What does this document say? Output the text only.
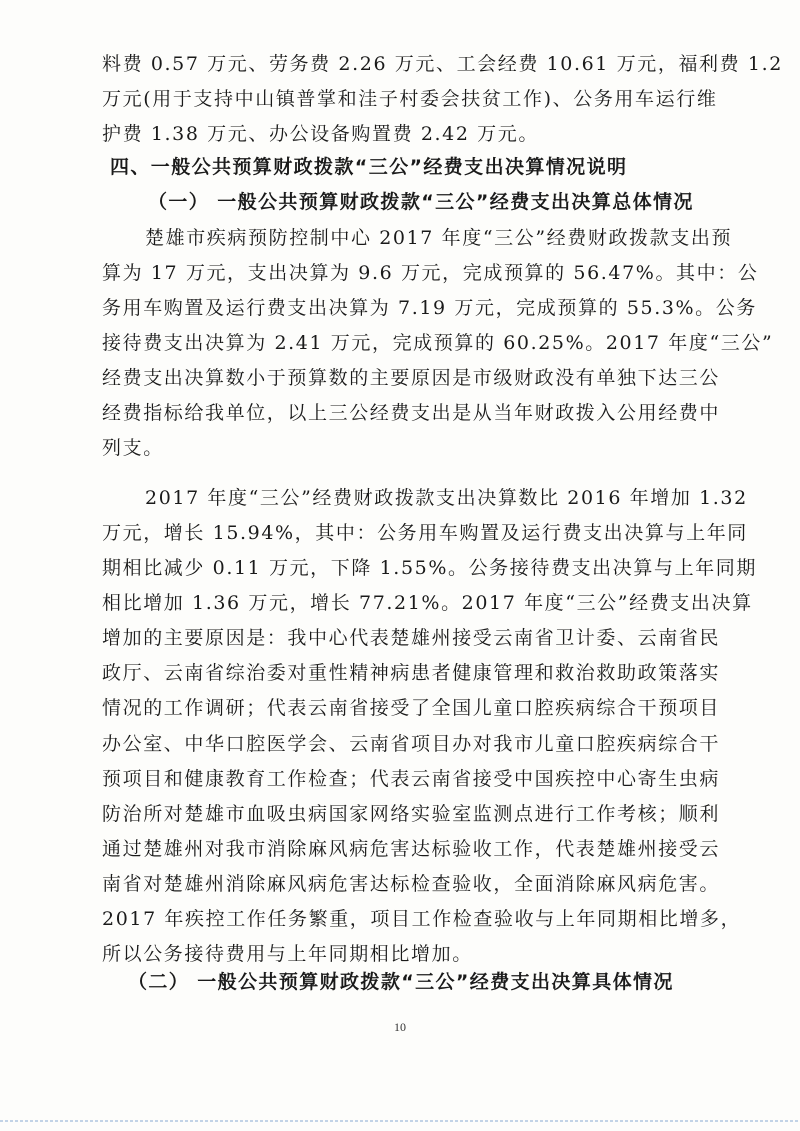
料费 0.57 万元、劳务费 2.26 万元、工会经费 10.61 万元，福利费 1.2
万元(用于支持中山镇普掌和洼子村委会扶贫工作)、公务用车运行维
护费 1.38 万元、办公设备购置费 2.42 万元。
四、一般公共预算财政拨款“三公”经费支出决算情况说明
（一） 一般公共预算财政拨款“三公”经费支出决算总体情况
楚雄市疾病预防控制中心 2017 年度“三公”经费财政拨款支出预
算为 17 万元，支出决算为 9.6 万元，完成预算的 56.47%。其中：公
务用车购置及运行费支出决算为 7.19 万元，完成预算的 55.3%。公务
接待费支出决算为 2.41 万元，完成预算的 60.25%。2017 年度“三公”
经费支出决算数小于预算数的主要原因是市级财政没有单独下达三公
经费指标给我单位，以上三公经费支出是从当年财政拨入公用经费中
列支。
2017 年度“三公”经费财政拨款支出决算数比 2016 年增加 1.32
万元，增长 15.94%，其中：公务用车购置及运行费支出决算与上年同
期相比减少 0.11 万元，下降 1.55%。公务接待费支出决算与上年同期
相比增加 1.36 万元，增长 77.21%。2017 年度“三公”经费支出决算
增加的主要原因是：我中心代表楚雄州接受云南省卫计委、云南省民
政厅、云南省综治委对重性精神病患者健康管理和救治救助政策落实
情况的工作调研；代表云南省接受了全国儿童口腔疾病综合干预项目
办公室、中华口腔医学会、云南省项目办对我市儿童口腔疾病综合干
预项目和健康教育工作检查；代表云南省接受中国疾控中心寄生虫病
防治所对楚雄市血吸虫病国家网络实验室监测点进行工作考核；顺利
通过楚雄州对我市消除麻风病危害达标验收工作，代表楚雄州接受云
南省对楚雄州消除麻风病危害达标检查验收，全面消除麻风病危害。
2017 年疾控工作任务繁重，项目工作检查验收与上年同期相比增多，
所以公务接待费用与上年同期相比增加。
（二） 一般公共预算财政拨款“三公”经费支出决算具体情况
10
